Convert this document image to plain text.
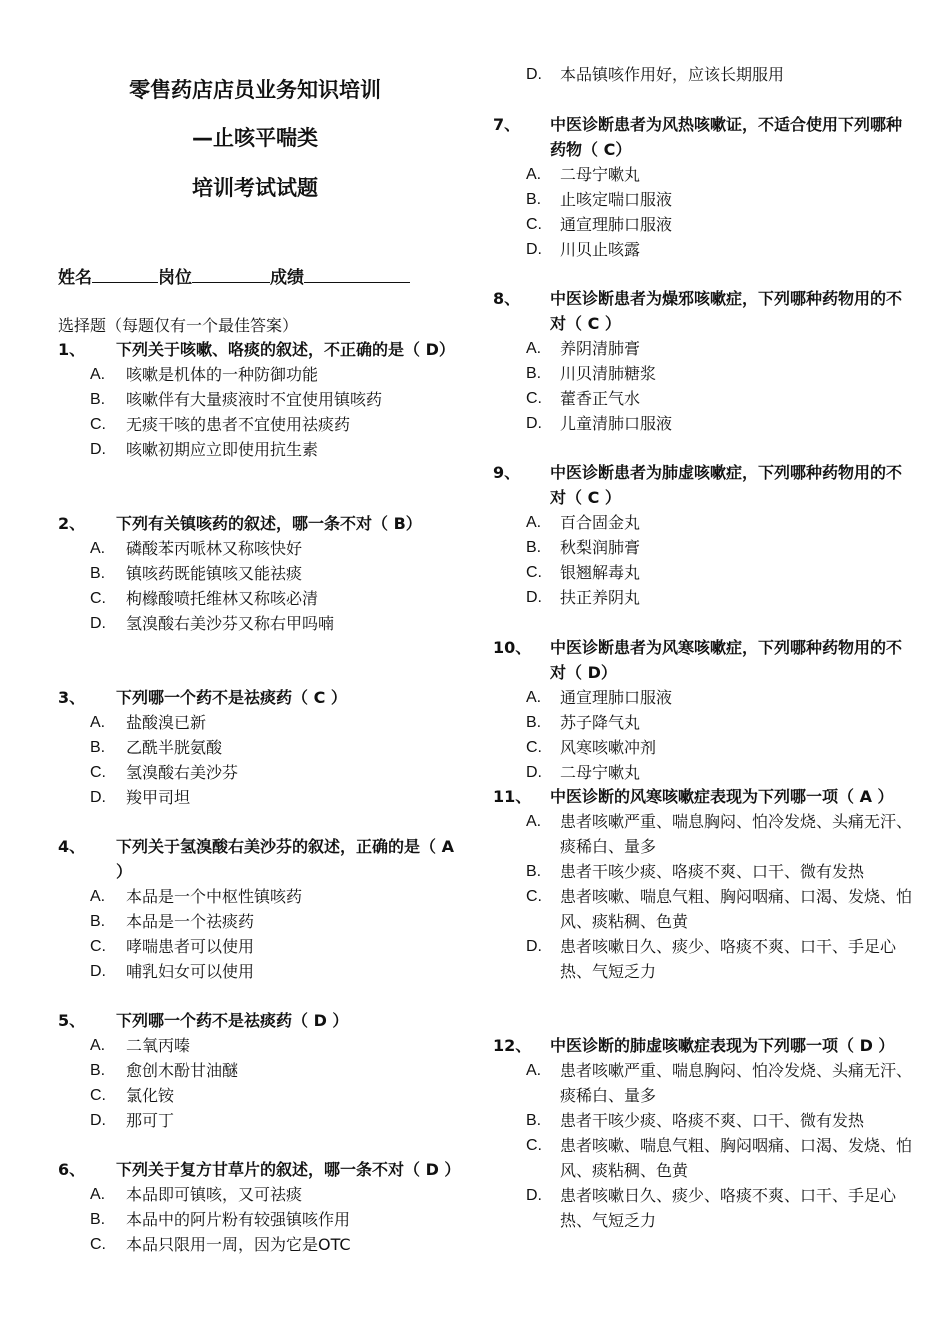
零售药店店员业务知识培训
—止咳平喘类
培训考试试题
姓名	岗位	成绩
选择题（每题仅有一个最佳答案）
1、 下列关于咳嗽、咯痰的叙述，不正确的是（ D）
A. 咳嗽是机体的一种防御功能
B. 咳嗽伴有大量痰液时不宜使用镇咳药
C. 无痰干咳的患者不宜使用祛痰药
D. 咳嗽初期应立即使用抗生素
2、 下列有关镇咳药的叙述，哪一条不对（ B）
A. 磷酸苯丙哌林又称咳快好
B. 镇咳药既能镇咳又能祛痰
C. 枸橼酸喷托维林又称咳必清
D. 氢溴酸右美沙芬又称右甲吗喃
3、 下列哪一个药不是祛痰药（ C ）
A. 盐酸溴已新
B. 乙酰半胱氨酸
C. 氢溴酸右美沙芬
D. 羧甲司坦
4、 下列关于氢溴酸右美沙芬的叙述，正确的是（ A ）
A. 本品是一个中枢性镇咳药
B. 本品是一个祛痰药
C. 哮喘患者可以使用
D. 哺乳妇女可以使用
5、 下列哪一个药不是祛痰药（ D ）
A. 二氧丙嗪
B. 愈创木酚甘油醚
C. 氯化铵
D. 那可丁
6、 下列关于复方甘草片的叙述，哪一条不对（ D ）
A. 本品即可镇咳，又可祛痰
B. 本品中的阿片粉有较强镇咳作用
C. 本品只限用一周，因为它是OTC
D. 本品镇咳作用好，应该长期服用
7、 中医诊断患者为风热咳嗽证，不适合使用下列哪种药物（ C）
A. 二母宁嗽丸
B. 止咳定喘口服液
C. 通宣理肺口服液
D. 川贝止咳露
8、 中医诊断患者为燥邪咳嗽症，下列哪种药物用的不对（ C ）
A. 养阴清肺膏
B. 川贝清肺糖浆
C. 藿香正气水
D. 儿童清肺口服液
9、 中医诊断患者为肺虚咳嗽症，下列哪种药物用的不对（ C ）
A. 百合固金丸
B. 秋梨润肺膏
C. 银翘解毒丸
D. 扶正养阴丸
10、 中医诊断患者为风寒咳嗽症，下列哪种药物用的不对（ D）
A. 通宣理肺口服液
B. 苏子降气丸
C. 风寒咳嗽冲剂
D. 二母宁嗽丸
11、 中医诊断的风寒咳嗽症表现为下列哪一项（ A ）
A. 患者咳嗽严重、喘息胸闷、怕冷发烧、头痛无汗、痰稀白、量多
B. 患者干咳少痰、咯痰不爽、口干、微有发热
C. 患者咳嗽、喘息气粗、胸闷咽痛、口渴、发烧、怕风、痰粘稠、色黄
D. 患者咳嗽日久、痰少、咯痰不爽、口干、手足心热、气短乏力
12、 中医诊断的肺虚咳嗽症表现为下列哪一项（ D ）
A. 患者咳嗽严重、喘息胸闷、怕冷发烧、头痛无汗、痰稀白、量多
B. 患者干咳少痰、咯痰不爽、口干、微有发热
C. 患者咳嗽、喘息气粗、胸闷咽痛、口渴、发烧、怕风、痰粘稠、色黄
D. 患者咳嗽日久、痰少、咯痰不爽、口干、手足心热、气短乏力
